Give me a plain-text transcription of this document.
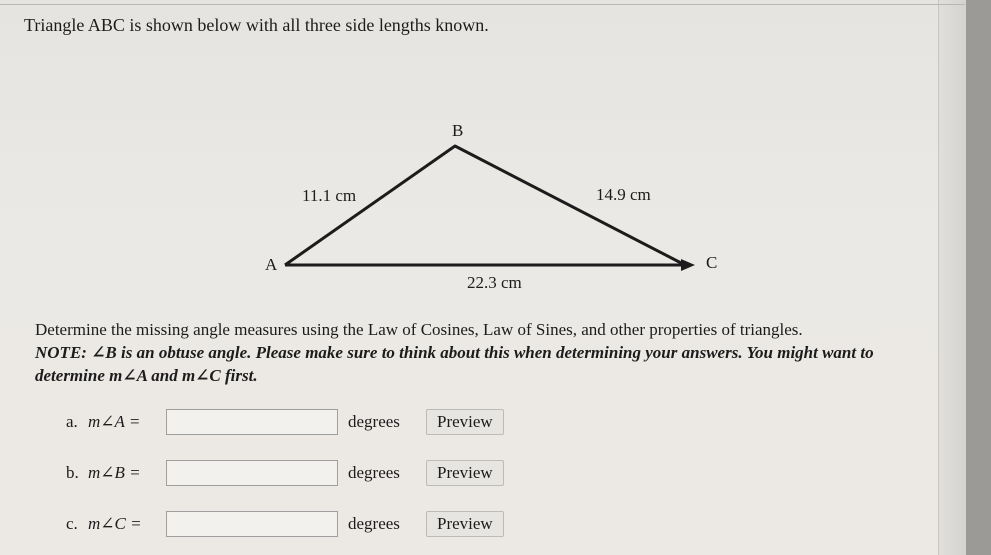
Triangle ABC is shown below with all three side lengths known.
B
A	C
11.1 cm	14.9 cm
22.3 cm
Determine the missing angle measures using the Law of Cosines, Law of Sines, and other properties of triangles.
NOTE: ∠B is an obtuse angle. Please make sure to think about this when determining your answers. You might want to determine m∠A and m∠C first.
a. m∠A =	degrees	Preview
b. m∠B =	degrees	Preview
c. m∠C =	degrees	Preview
